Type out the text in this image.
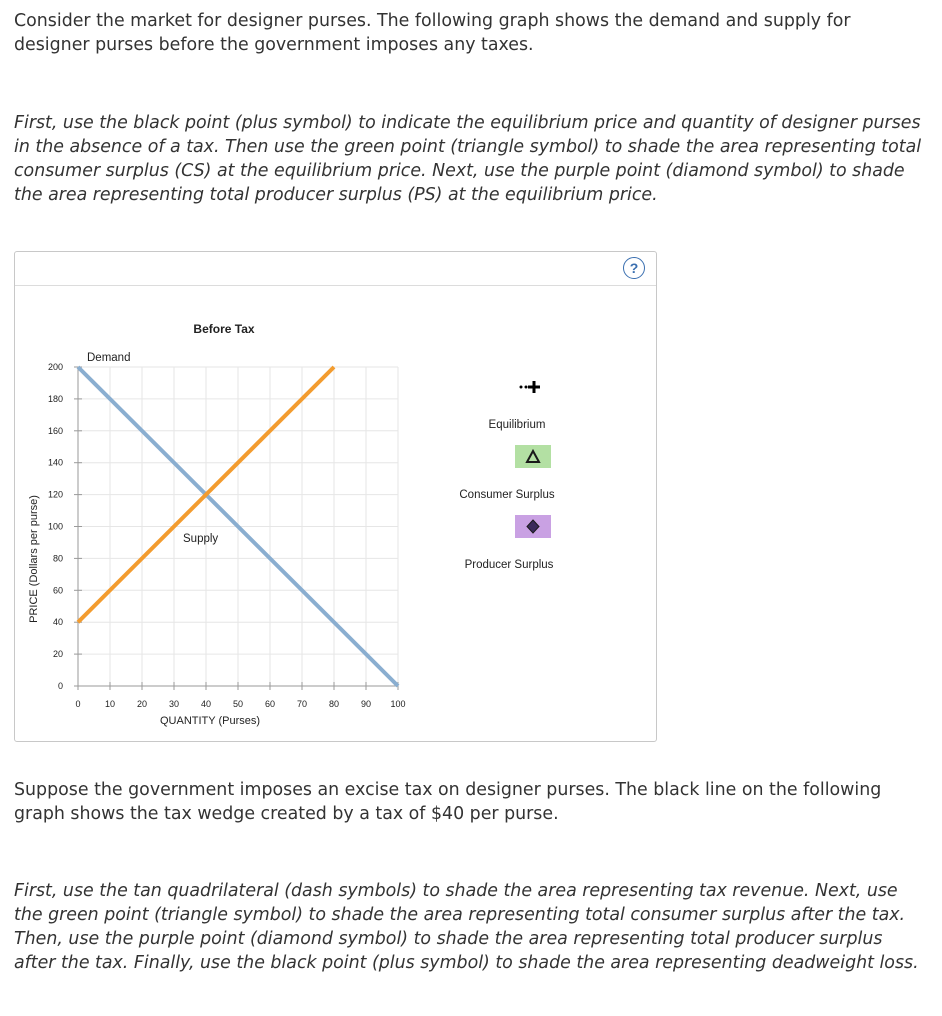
Consider the market for designer purses. The following graph shows the demand and supply for designer purses before the government imposes any taxes.

First, use the black point (plus symbol) to indicate the equilibrium price and quantity of designer purses in the absence of a tax. Then use the green point (triangle symbol) to shade the area representing total consumer surplus (CS) at the equilibrium price. Next, use the purple point (diamond symbol) to shade the area representing total producer surplus (PS) at the equilibrium price.

?
0	10 20 30 40 50 60 70 80 90 100
0
20
40
60
80
100
120
140
160
180
200
Before Tax
QUANTITY (Purses)
PRICE (Dollars per purse)
Demand
Supply
Equilibrium
Consumer Surplus
Producer Surplus

Suppose the government imposes an excise tax on designer purses. The black line on the following graph shows the tax wedge created by a tax of $40 per purse.

First, use the tan quadrilateral (dash symbols) to shade the area representing tax revenue. Next, use the green point (triangle symbol) to shade the area representing total consumer surplus after the tax. Then, use the purple point (diamond symbol) to shade the area representing total producer surplus after the tax. Finally, use the black point (plus symbol) to shade the area representing deadweight loss.
